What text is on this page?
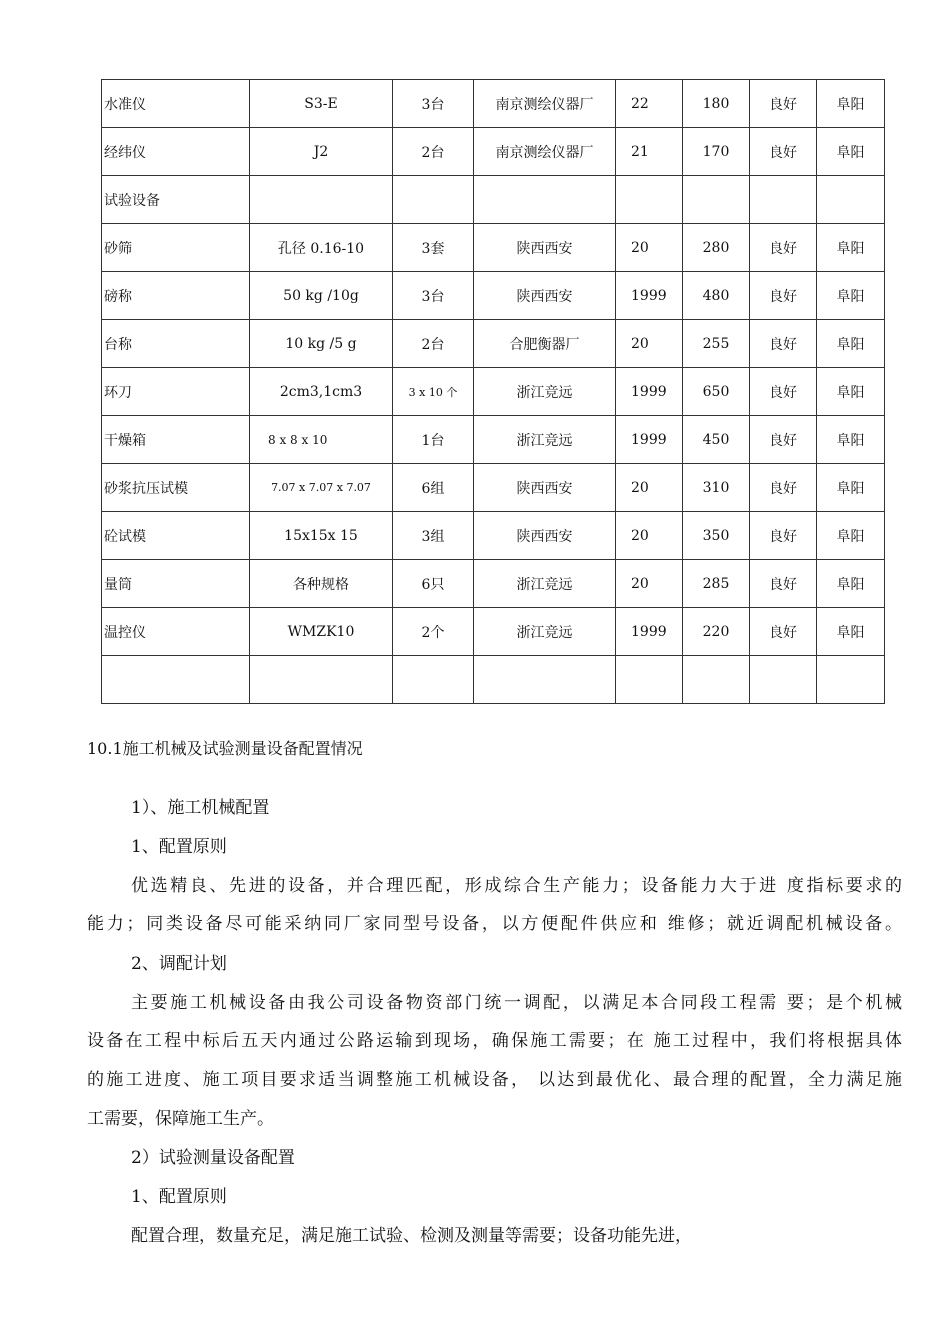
水准仪	S3-E	3台	南京测绘仪器厂	22	180	良好	阜阳
经纬仪	J2	2台	南京测绘仪器厂	21	170	良好	阜阳
试验设备							
砂筛	孔径 0.16-10	3套	陕西西安	20	280	良好	阜阳
磅称	50 kg /10g	3台	陕西西安	1999	480	良好	阜阳
台称	10 kg /5 g	2台	合肥衡器厂	20	255	良好	阜阳
环刀	2cm3,1cm3	3 x 10 个	浙江竞远	1999	650	良好	阜阳
干燥箱	8 x 8 x 10	1台	浙江竞远	1999	450	良好	阜阳
砂浆抗压试模	7.07 x 7.07 x 7.07	6组	陕西西安	20	310	良好	阜阳
砼试模	15x15x 15	3组	陕西西安	20	350	良好	阜阳
量筒	各种规格	6只	浙江竞远	20	285	良好	阜阳
温控仪	WMZK10	2个	浙江竞远	1999	220	良好	阜阳

10.1施工机械及试验测量设备配置情况
1）、施工机械配置
1、配置原则
优选精良、先进的设备，并合理匹配，形成综合生产能力；设备能力大于进 度指标要求的
能力；同类设备尽可能采纳同厂家同型号设备，以方便配件供应和 维修；就近调配机械设备。
2、调配计划
主要施工机械设备由我公司设备物资部门统一调配，以满足本合同段工程需 要；是个机械
设备在工程中标后五天内通过公路运输到现场，确保施工需要；在 施工过程中，我们将根据具体
的施工进度、施工项目要求适当调整施工机械设备， 以达到最优化、最合理的配置，全力满足施
工需要，保障施工生产。
2）试验测量设备配置
1、配置原则
配置合理，数量充足，满足施工试验、检测及测量等需要；设备功能先进，
